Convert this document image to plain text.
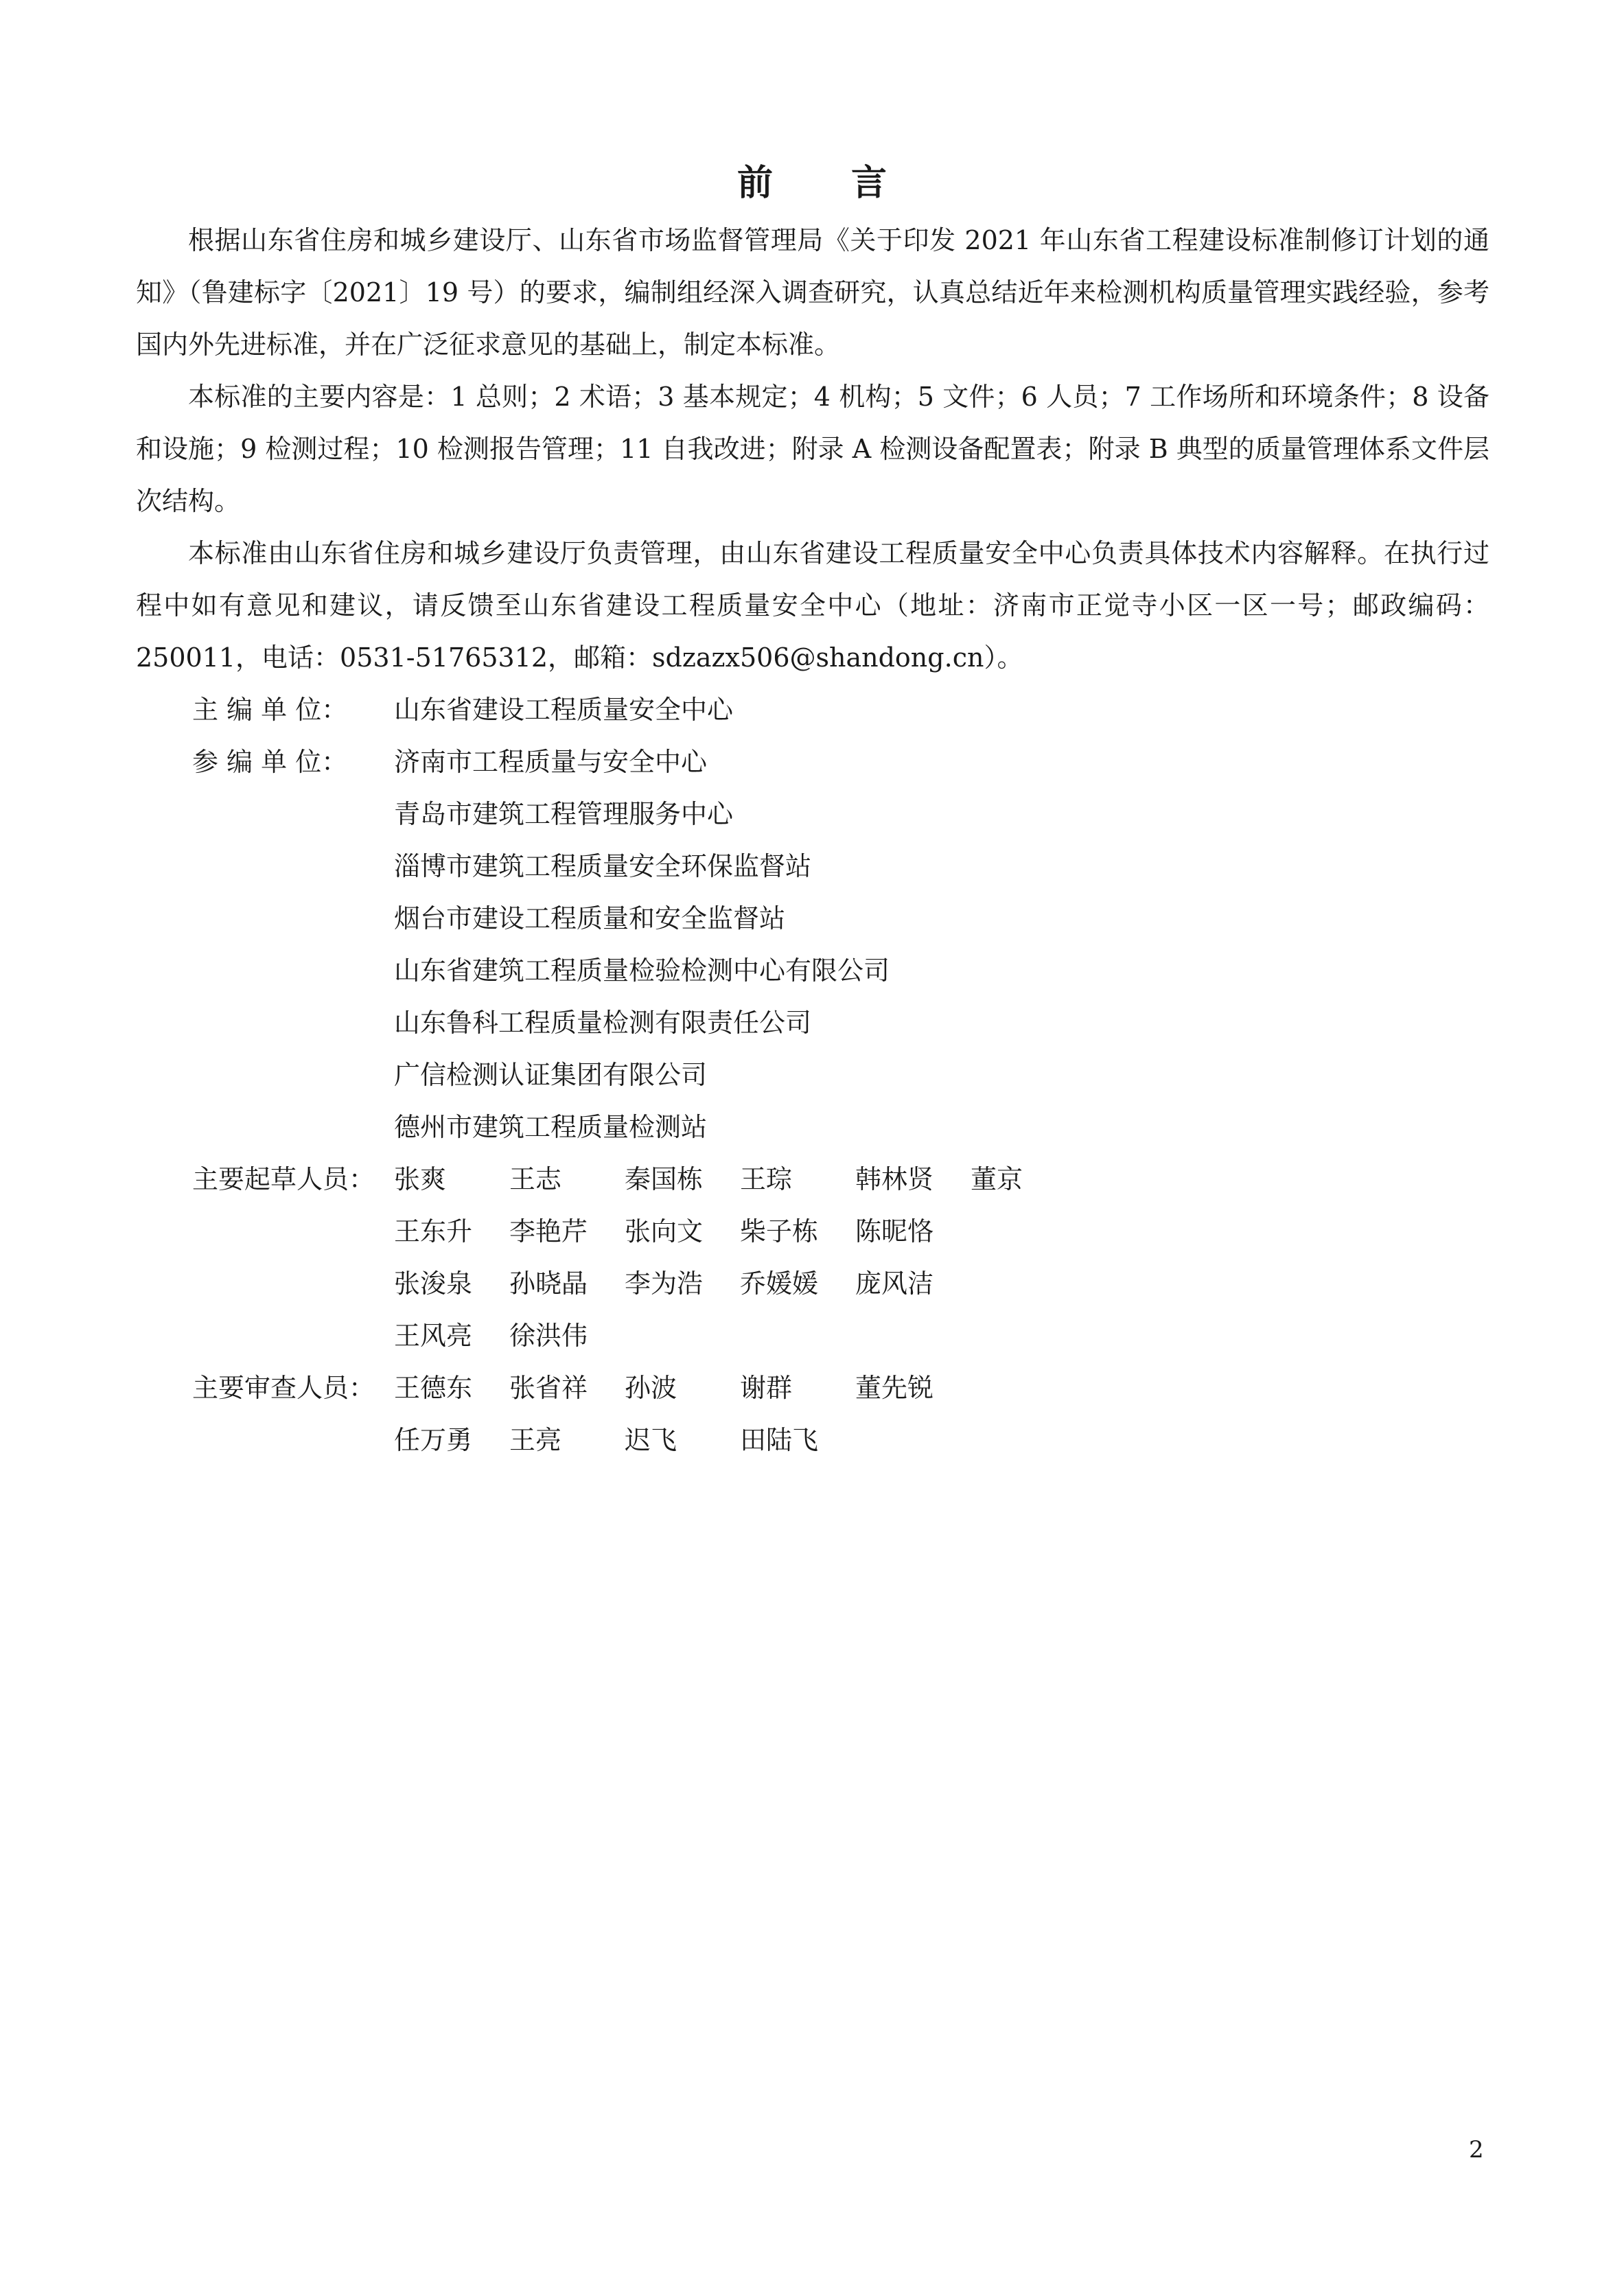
前 言

根据山东省住房和城乡建设厅、山东省市场监督管理局《关于印发 2021 年山东省工程建设标准制修订计划的通知》（鲁建标字〔2021〕19 号）的要求，编制组经深入调查研究，认真总结近年来检测机构质量管理实践经验，参考国内外先进标准，并在广泛征求意见的基础上，制定本标准。

本标准的主要内容是：1 总则；2 术语；3 基本规定；4 机构；5 文件；6 人员；7 工作场所和环境条件；8 设备和设施；9 检测过程；10 检测报告管理；11 自我改进；附录 A 检测设备配置表；附录 B 典型的质量管理体系文件层次结构。

本标准由山东省住房和城乡建设厅负责管理，由山东省建设工程质量安全中心负责具体技术内容解释。在执行过程中如有意见和建议，请反馈至山东省建设工程质量安全中心（地址：济南市正觉寺小区一区一号；邮政编码：250011，电话：0531-51765312，邮箱：sdzazx506@shandong.cn）。

主 编 单 位： 山东省建设工程质量安全中心
参 编 单 位： 济南市工程质量与安全中心
青岛市建筑工程管理服务中心
淄博市建筑工程质量安全环保监督站
烟台市建设工程质量和安全监督站
山东省建筑工程质量检验检测中心有限公司
山东鲁科工程质量检测有限责任公司
广信检测认证集团有限公司
德州市建筑工程质量检测站
主要起草人员： 张爽 王志 秦国栋 王琮 韩林贤 董京
王东升 李艳芹 张向文 柴子栋 陈昵恪
张浚泉 孙晓晶 李为浩 乔媛媛 庞风洁
王风亮 徐洪伟
主要审查人员： 王德东 张省祥 孙波 谢群 董先锐
任万勇 王亮 迟飞 田陆飞
2
